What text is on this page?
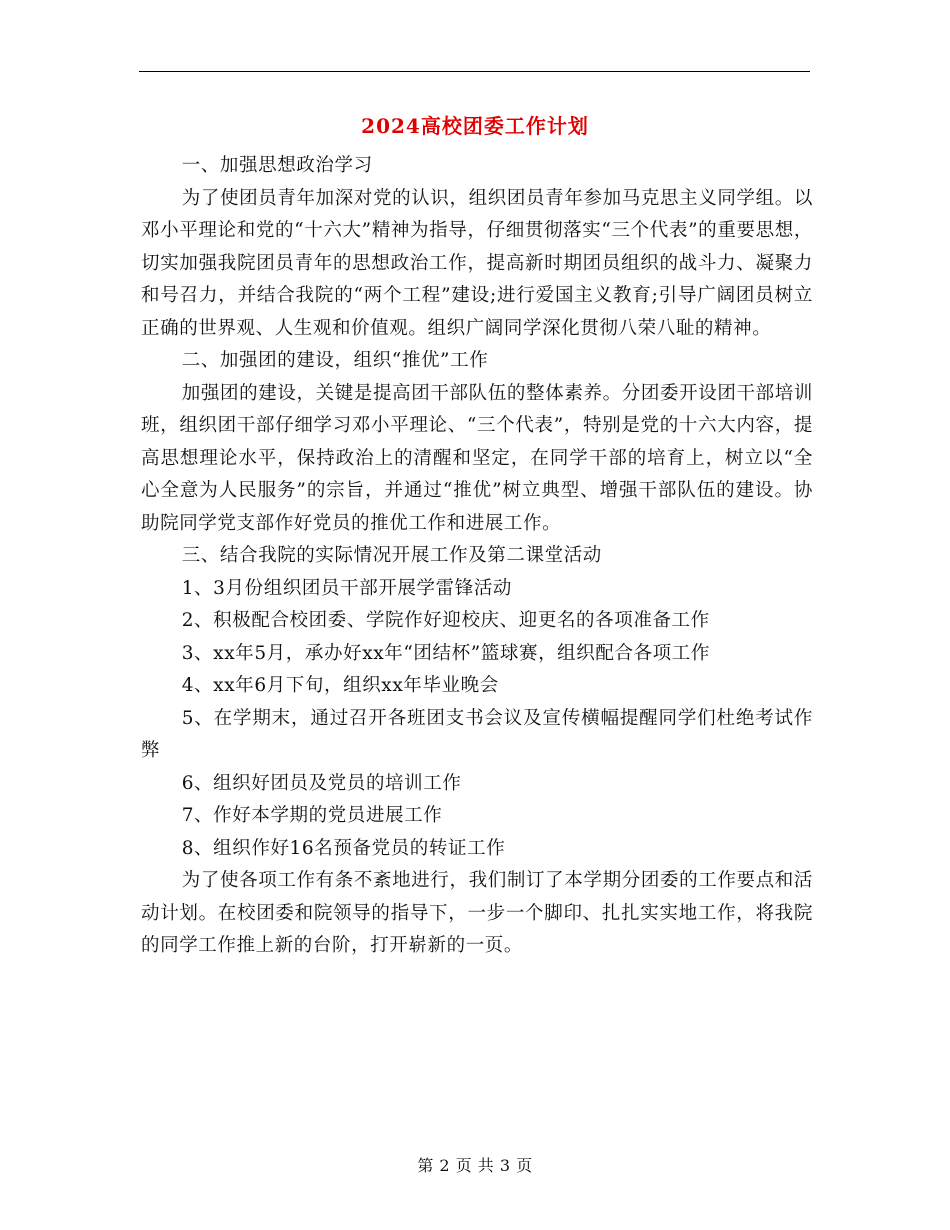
2024高校团委工作计划

一、加强思想政治学习

为了使团员青年加深对党的认识，组织团员青年参加马克思主义同学组。以邓小平理论和党的“十六大”精神为指导，仔细贯彻落实“三个代表”的重要思想，切实加强我院团员青年的思想政治工作，提高新时期团员组织的战斗力、凝聚力和号召力，并结合我院的“两个工程”建设;进行爱国主义教育;引导广阔团员树立正确的世界观、人生观和价值观。组织广阔同学深化贯彻八荣八耻的精神。

二、加强团的建设，组织“推优”工作

加强团的建设，关键是提高团干部队伍的整体素养。分团委开设团干部培训班，组织团干部仔细学习邓小平理论、“三个代表”，特别是党的十六大内容，提高思想理论水平，保持政治上的清醒和坚定，在同学干部的培育上，树立以“全心全意为人民服务”的宗旨，并通过“推优”树立典型、增强干部队伍的建设。协助院同学党支部作好党员的推优工作和进展工作。

三、结合我院的实际情况开展工作及第二课堂活动

1、3月份组织团员干部开展学雷锋活动

2、积极配合校团委、学院作好迎校庆、迎更名的各项准备工作

3、xx年5月，承办好xx年“团结杯”篮球赛，组织配合各项工作

4、xx年6月下旬，组织xx年毕业晚会

5、在学期末，通过召开各班团支书会议及宣传横幅提醒同学们杜绝考试作弊

6、组织好团员及党员的培训工作

7、作好本学期的党员进展工作

8、组织作好16名预备党员的转证工作

为了使各项工作有条不紊地进行，我们制订了本学期分团委的工作要点和活动计划。在校团委和院领导的指导下，一步一个脚印、扎扎实实地工作，将我院的同学工作推上新的台阶，打开崭新的一页。

第 2 页 共 3 页
